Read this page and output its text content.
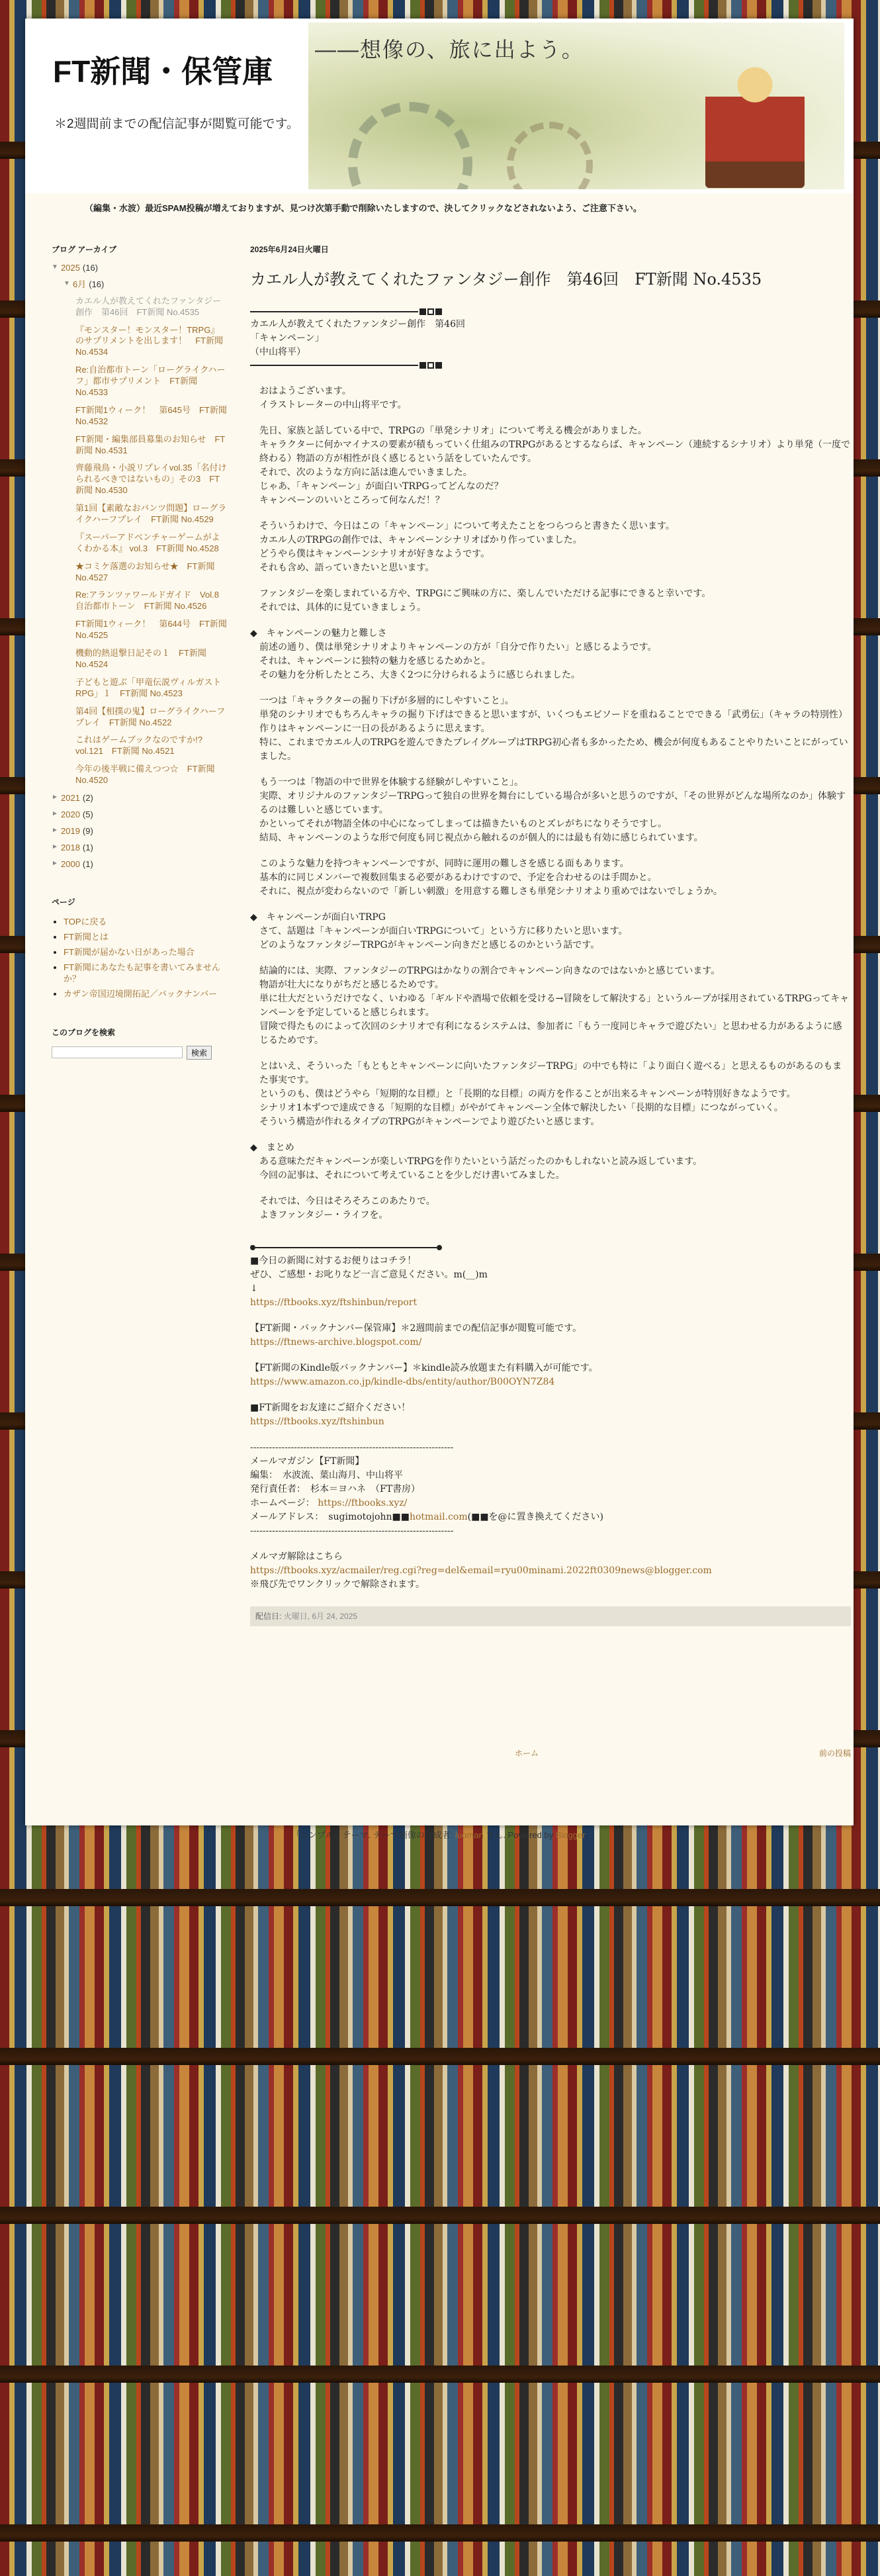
FT新聞・保管庫

＊2週間前までの配信記事が閲覧可能です。

――想像の、旅に出よう。

（編集・水波）最近SPAM投稿が増えておりますが、見つけ次第手動で削除いたしますので、決してクリックなどされないよう、ご注意下さい。

ブログ アーカイブ
▼ 2025 (16)
▼ 6月 (16)
カエル人が教えてくれたファンタジー創作　第46回　FT新聞 No.4535
『モンスター！モンスター！TRPG』のサプリメントを出します！　FT新聞 No.4534
Re:自治都市トーン「ローグライクハーフ」都市サプリメント　FT新聞 No.4533
FT新聞1ウィーク！　第645号　FT新聞 No.4532
FT新聞・編集部員募集のお知らせ　FT新聞 No.4531
齊藤飛鳥・小説リプレイvol.35「名付けられるべきではないもの」その3　FT新聞 No.4530
第1回【素敵なおバンツ問題】ローグライクハーフプレイ　FT新聞 No.4529
『スーパーアドベンチャーゲームがよくわかる本』 vol.3　FT新聞 No.4528
★コミケ落選のお知らせ★　FT新聞 No.4527
Re:アランツァワールドガイド　Vol.8　自治都市トーン　FT新聞 No.4526
FT新聞1ウィーク！　第644号　FT新聞 No.4525
機動的熱退撃日記その１　FT新聞 No.4524
子どもと遊ぶ「甲竜伝説ヴィルガストRPG」１　FT新聞 No.4523
第4回【相撲の鬼】ローグライクハーフプレイ　FT新聞 No.4522
これはゲームブックなのですか!?　vol.121　FT新聞 No.4521
今年の後半戦に備えつつ☆　FT新聞 No.4520
► 2021 (2)
► 2020 (5)
► 2019 (9)
► 2018 (1)
► 2000 (1)
ページ
• TOPに戻る
• FT新聞とは
• FT新聞が届かない日があった場合
• FT新聞にあなたも記事を書いてみませんか？
• カザン帝国辺境開拓記／バックナンバー
このブログを検索
検索
2025年6月24日火曜日
カエル人が教えてくれたファンタジー創作　第46回　FT新聞 No.4535

カエル人が教えてくれたファンタジー創作　第46回

「キャンペーン」

（中山将平）

おはようございます。
イラストレーターの中山将平です。

先日、家族と話している中で、TRPGの「単発シナリオ」について考える機会がありました。
キャラクターに何かマイナスの要素が積もっていく仕組みのTRPGがあるとするならば、キャンペーン（連続するシナリオ）より単発（一度で終わる）物語の方が相性が良く感じるという話をしていたんです。
それで、次のような方向に話は進んでいきました。
じゃあ、「キャンペーン」が面白いTRPGってどんなのだ？
キャンペーンのいいところって何なんだ！？

そういうわけで、今日はこの「キャンペーン」について考えたことをつらつらと書きたく思います。
カエル人のTRPGの創作では、キャンペーンシナリオばかり作っていました。
どうやら僕はキャンペーンシナリオが好きなようです。
それも含め、語っていきたいと思います。

ファンタジーを楽しまれている方や、TRPGにご興味の方に、楽しんでいただける記事にできると幸いです。
それでは、具体的に見ていきましょう。

◆　キャンペーンの魅力と難しさ
　前述の通り、僕は単発シナリオよりキャンペーンの方が「自分で作りたい」と感じるようです。
　それは、キャンペーンに独特の魅力を感じるためかと。
　その魅力を分析したところ、大きく2つに分けられるように感じられました。

一つは「キャラクターの掘り下げが多層的にしやすいこと」。
単発のシナリオでもちろんキャラの掘り下げはできると思いますが、いくつもエピソードを重ねることでできる「武勇伝」（キャラの特別性）作りはキャンペーンに一日の長があるように思えます。
特に、これまでカエル人のTRPGを遊んできたプレイグループはTRPG初心者も多かったため、機会が何度もあることやりたいことにがっていました。

もう一つは「物語の中で世界を体験する経験がしやすいこと」。
実際、オリジナルのファンタジーTRPGって独自の世界を舞台にしている場合が多いと思うのですが、「その世界がどんな場所なのか」体験するのは難しいと感じています。
かといってそれが物語全体の中心になってしまっては描きたいものとズレがちになりそうですし。
結局、キャンペーンのような形で何度も同じ視点から触れるのが個人的には最も有効に感じられています。

このような魅力を持つキャンペーンですが、同時に運用の難しさを感じる面もあります。
基本的に同じメンバーで複数回集まる必要があるわけですので、予定を合わせるのは手間かと。
それに、視点が変わらないので「新しい刺激」を用意する難しさも単発シナリオより重めではないでしょうか。

◆　キャンペーンが面白いTRPG
　さて、話題は「キャンペーンが面白いTRPGについて」という方に移りたいと思います。
　どのようなファンタジーTRPGがキャンペーン向きだと感じるのかという話です。

結論的には、実際、ファンタジーのTRPGはかなりの割合でキャンペーン向きなのではないかと感じています。
物語が壮大になりがちだと感じるためです。
単に壮大だというだけでなく、いわゆる「ギルドや酒場で依頼を受ける→冒険をして解決する」というループが採用されているTRPGってキャンペーンを予定していると感じられます。
冒険で得たものによって次回のシナリオで有利になるシステムは、参加者に「もう一度同じキャラで遊びたい」と思わせる力があるように感じるためです。

とはいえ、そういった「もともとキャンペーンに向いたファンタジーTRPG」の中でも特に「より面白く遊べる」と思えるものがあるのもまた事実です。
というのも、僕はどうやら「短期的な目標」と「長期的な目標」の両方を作ることが出来るキャンペーンが特別好きなようです。
シナリオ1本ずつで達成できる「短期的な目標」がやがてキャンペーン全体で解決したい「長期的な目標」につながっていく。
そういう構造が作れるタイプのTRPGがキャンペーンでより遊びたいと感じます。

◆　まとめ
　ある意味ただキャンペーンが楽しいTRPGを作りたいという話だったのかもしれないと読み返しています。
　今回の記事は、それについて考えていることを少しだけ書いてみました。

それでは、今日はそろそろこのあたりで。
よきファンタジー・ライフを。

■今日の新聞に対するお便りはコチラ！
ぜひ、ご感想・お叱りなど一言ご意見ください。m(__)m
↓

https://ftbooks.xyz/ftshinbun/report

【FT新聞・バックナンバー保管庫】＊2週間前までの配信記事が閲覧可能です。

https://ftnews-archive.blogspot.com/

【FT新聞のKindle版バックナンバー】＊kindle読み放題また有料購入が可能です。

https://www.amazon.co.jp/kindle-dbs/entity/author/B00OYN7Z84

■FT新聞をお友達にご紹介ください！

https://ftbooks.xyz/ftshinbun

-----------------------------------------------------------------
メールマガジン【FT新聞】
編集：　水波流、葉山海月、中山将平
発行責任者：　杉本＝ヨハネ　（FT書房）
ホームページ： https://ftbooks.xyz/
メールアドレス：　sugimotojohn■■hotmail.com(■■を@に置き換えてください)
-----------------------------------------------------------------
メルマガ解除はこちら
https://ftbooks.xyz/acmailer/reg.cgi?reg=del&email=ryu00minami.2022ft0309news@blogger.com
※飛び先でワンクリックで解除されます。
配信日: 火曜日, 6月 24, 2025
ホーム	前の投稿
「シンプル」テーマ. テーマ画像の作成者: luoman さん. Powered by Blogger.
